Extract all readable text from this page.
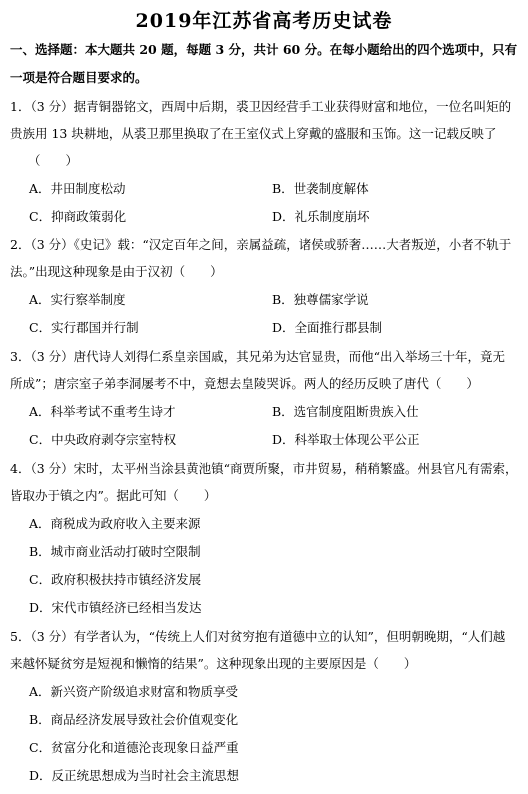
2019年江苏省高考历史试卷
一、选择题：本大题共 20 题，每题 3 分，共计 60 分。在每小题给出的四个选项中，只有
一项是符合题目要求的。
1．（3 分）据青铜器铭文，西周中后期，裘卫因经营手工业获得财富和地位，一位名叫矩的
贵族用 13 块耕地，从裘卫那里换取了在王室仪式上穿戴的盛服和玉饰。这一记载反映了
（　　）
A．井田制度松动	B．世袭制度解体
C．抑商政策弱化	D．礼乐制度崩坏
2．（3 分）《史记》载：“汉定百年之间，亲属益疏，诸侯或骄奢……大者叛逆，小者不轨于
法。”出现这种现象是由于汉初（　　）
A．实行察举制度	B．独尊儒家学说
C．实行郡国并行制	D．全面推行郡县制
3．（3 分）唐代诗人刘得仁系皇亲国戚，其兄弟为达官显贵，而他“出入举场三十年，竟无
所成”；唐宗室子弟李洞屡考不中，竟想去皇陵哭诉。两人的经历反映了唐代（　　）
A．科举考试不重考生诗才	B．选官制度阻断贵族入仕
C．中央政府剥夺宗室特权	D．科举取士体现公平公正
4．（3 分）宋时，太平州当涂县黄池镇“商贾所聚，市井贸易，稍稍繁盛。州县官凡有需索，
皆取办于镇之内”。据此可知（　　）
A．商税成为政府收入主要来源
B．城市商业活动打破时空限制
C．政府积极扶持市镇经济发展
D．宋代市镇经济已经相当发达
5．（3 分）有学者认为，“传统上人们对贫穷抱有道德中立的认知”，但明朝晚期，“人们越
来越怀疑贫穷是短视和懒惰的结果”。这种现象出现的主要原因是（　　）
A．新兴资产阶级追求财富和物质享受
B．商品经济发展导致社会价值观变化
C．贫富分化和道德沦丧现象日益严重
D．反正统思想成为当时社会主流思想
